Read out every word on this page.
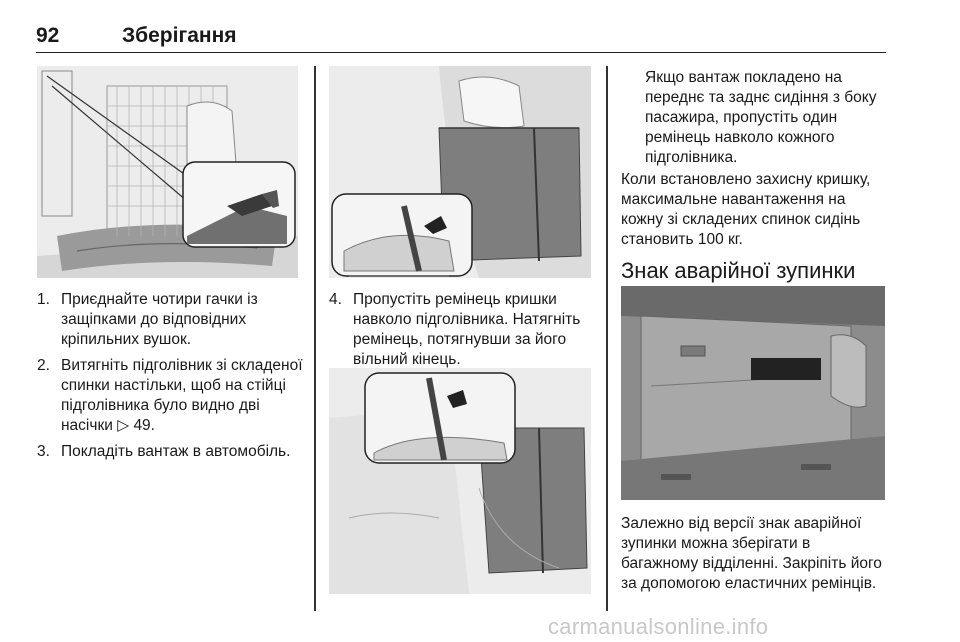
92	Зберігання
1. Приєднайте чотири гачки із защіпками до відповідних кріпильних вушок.
2. Витягніть підголівник зі складеної спинки настільки, щоб на стійці підголівника було видно дві насічки ▷ 49.
3. Покладіть вантаж в автомобіль.
4. Пропустіть ремінець кришки навколо підголівника. Натягніть ремінець, потягнувши за його вільний кінець.

Якщо вантаж покладено на переднє та заднє сидіння з боку пасажира, пропустіть один ремінець навколо кожного підголівника.

Коли встановлено захисну кришку, максимальне навантаження на кожну зі складених спинок сидінь становить 100 кг.

Знак аварійної зупинки

Залежно від версії знак аварійної зупинки можна зберігати в багажному відділенні. Закріпіть його за допомогою еластичних ремінців.

carmanualsonline.info
